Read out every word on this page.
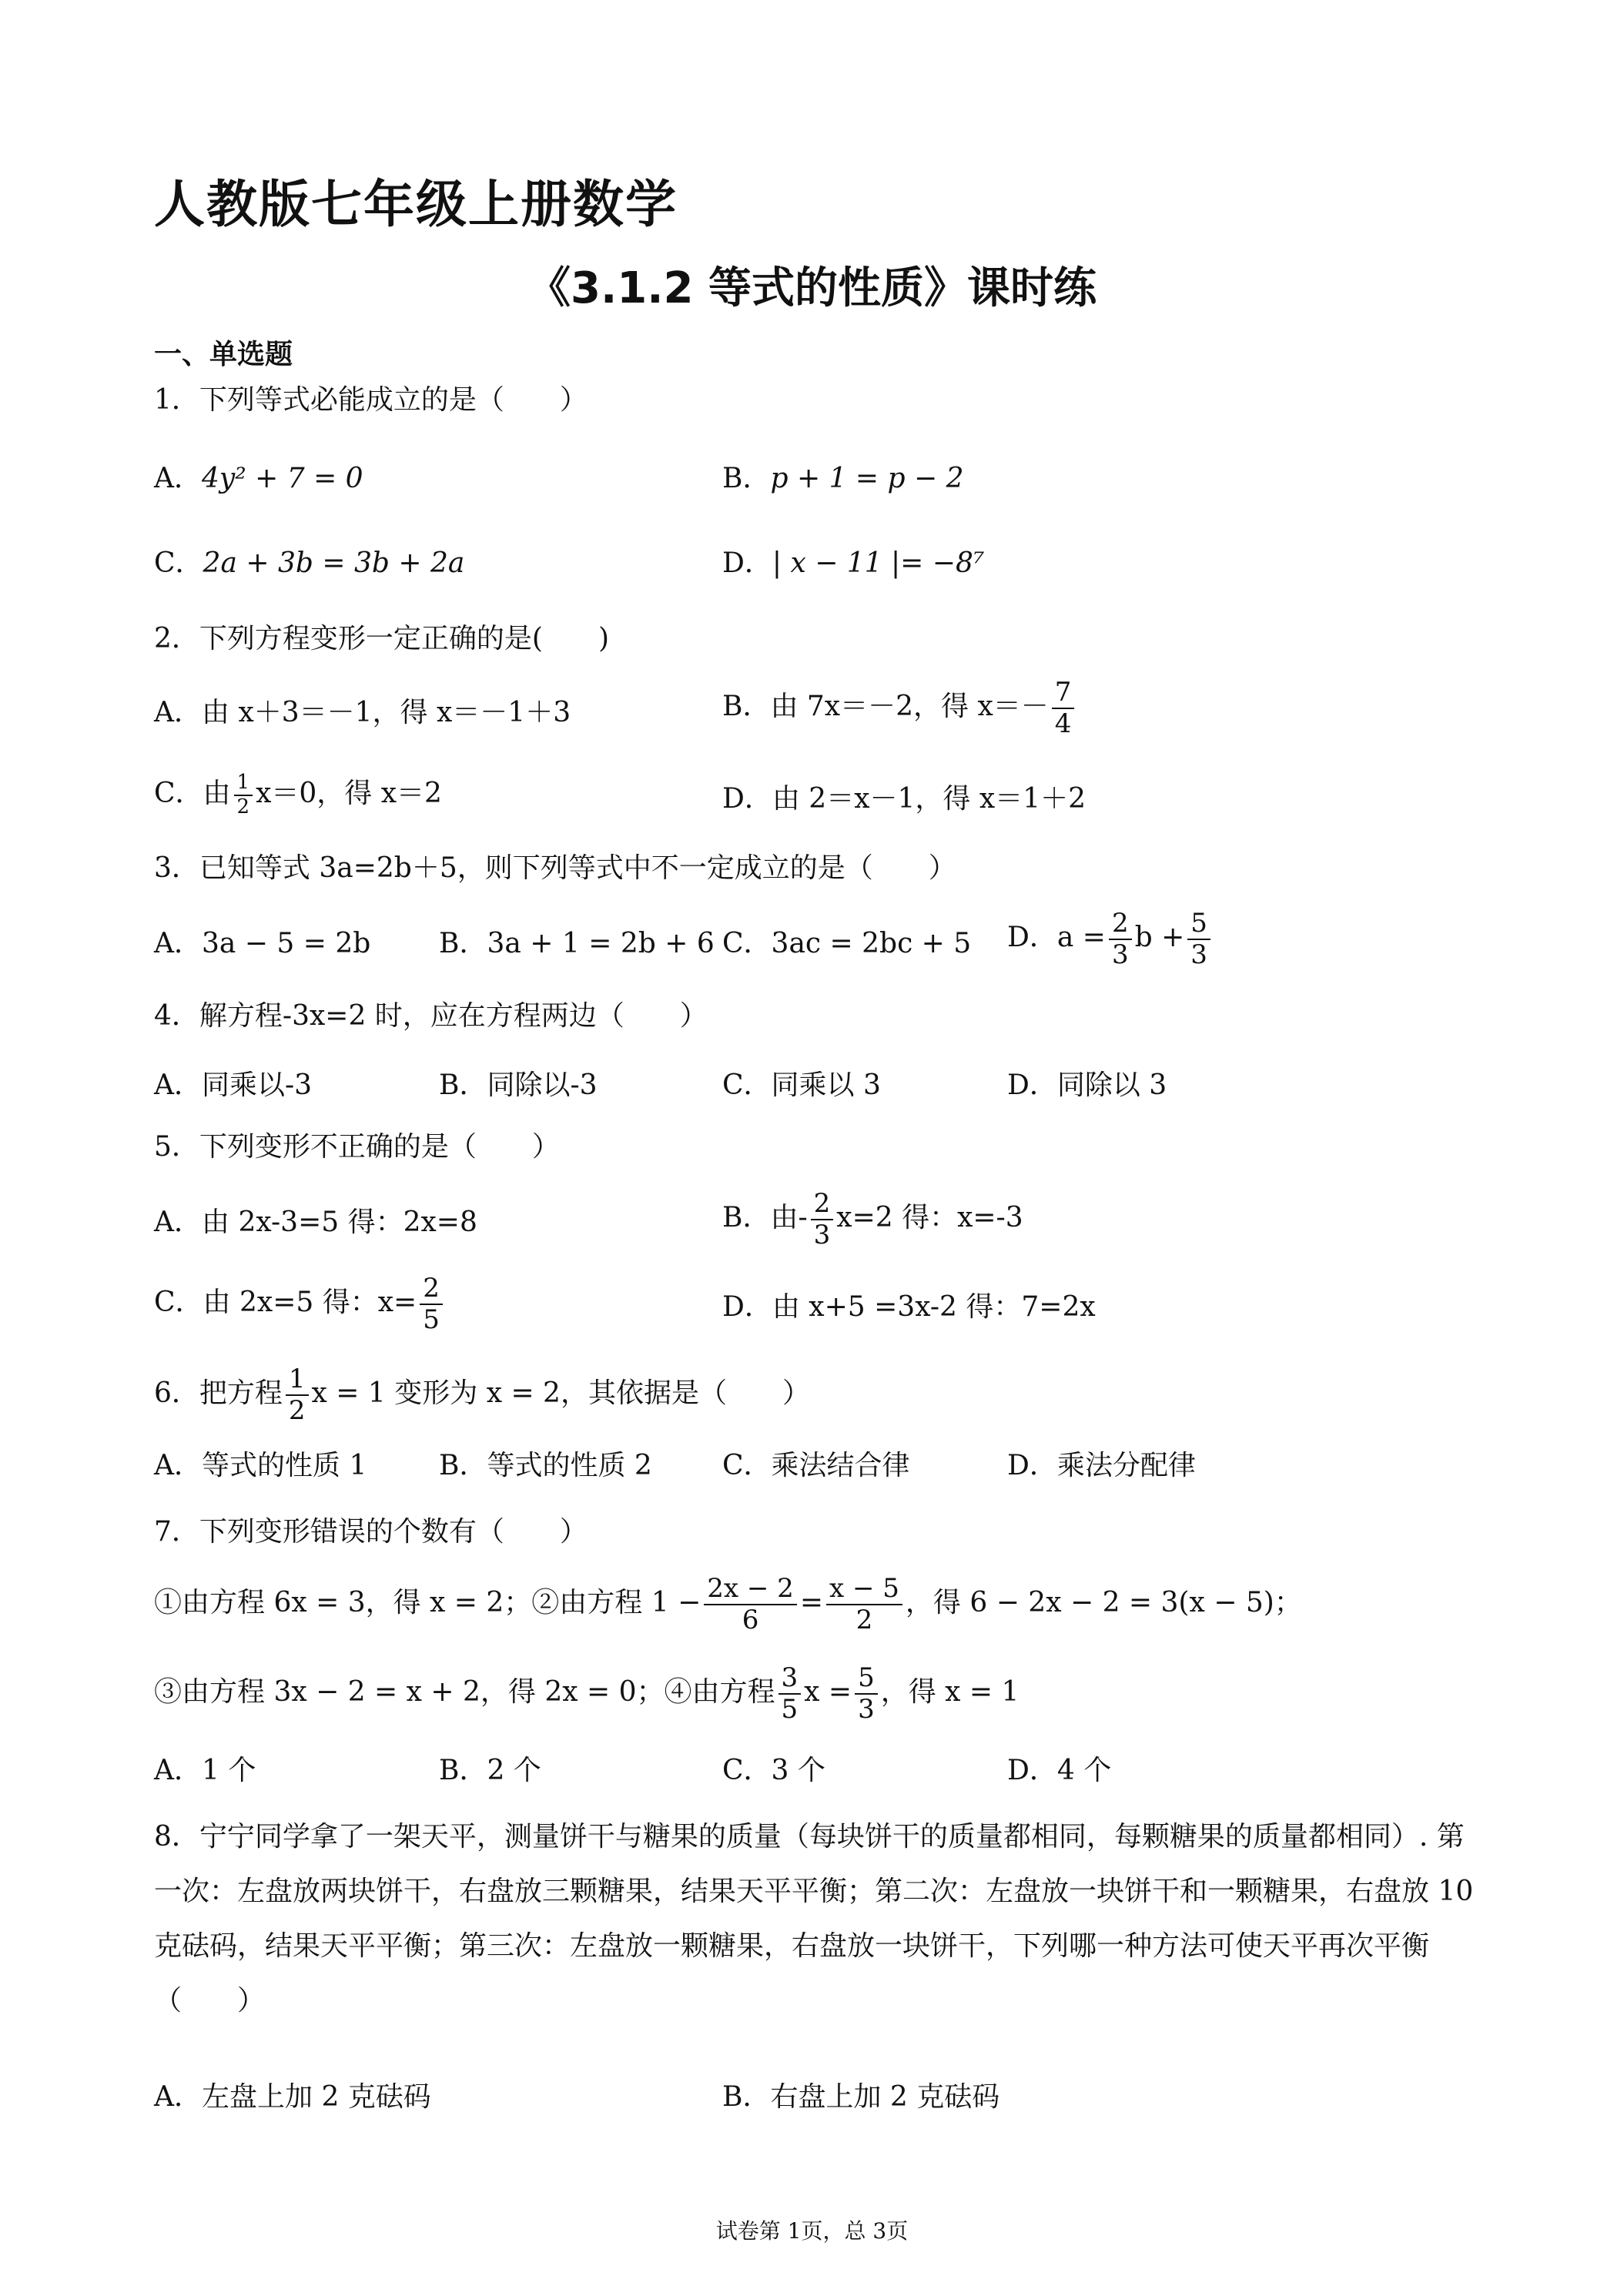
人教版七年级上册数学
《3.1.2 等式的性质》课时练
一、单选题
1．下列等式必能成立的是（　　）
A．4y² + 7 = 0	B．p + 1 = p − 2
C．2a + 3b = 3b + 2a	D．| x − 11 |= −8⁷
2．下列方程变形一定正确的是(　　)
A．由 x＋3＝－1，得 x＝－1＋3	B．由 7x＝－2，得 $x=- \frac{7}{4}$
C．由 $\frac{1}{2} x=0$，得 x＝2	D．由 2＝x－1，得 x＝1＋2
3．已知等式 3a=2b＋5，则下列等式中不一定成立的是（　　）
A．3a − 5 = 2b B．3a + 1 = 2b + 6 C．3ac = 2bc + 5 D．$a = \frac{2}{3}$ $b + \frac{5}{3}$
4．解方程-3x=2 时，应在方程两边（　　）
A．同乘以-3	B．同除以-3	C．同乘以 3	D．同除以 3
5．下列变形不正确的是（　　）
A．由 2x-3=5 得：2x=8	B．由- $\frac{2}{3} x=2$ 得：x=-3
C．由 2x=5 得：$x= \frac{2}{5}$	D．由 x+5 =3x-2 得：7=2x
6．把方程 $\frac{1}{2}$ x = 1 变形为 x = 2，其依据是（　　）
A．等式的性质 1	B．等式的性质 2	C．乘法结合律	D．乘法分配律
7．下列变形错误的个数有（　　）
①由方程 6x = 3，得 x = 2；②由方程 $1 - \frac{2x - 2}{6} = \frac{x - 5}{2}$ ，得 6 − 2x − 2 = 3(x − 5)；
③由方程 3x − 2 = x + 2，得 2x = 0；④由方程 $\frac{3}{5}$ $x = \frac{5}{3}$ ，得 x = 1
A．1 个	B．2 个	C．3 个	D．4 个
8．宁宁同学拿了一架天平，测量饼干与糖果的质量（每块饼干的质量都相同，每颗糖果的质量都相同）. 第一次：左盘放两块饼干，右盘放三颗糖果，结果天平平衡；第二次：左盘放一块饼干和一颗糖果，右盘放 10 克砝码，结果天平平衡；第三次：左盘放一颗糖果，右盘放一块饼干，下列哪一种方法可使天平再次平衡（　　）
A．左盘上加 2 克砝码	B．右盘上加 2 克砝码
试卷第 1页，总 3页
